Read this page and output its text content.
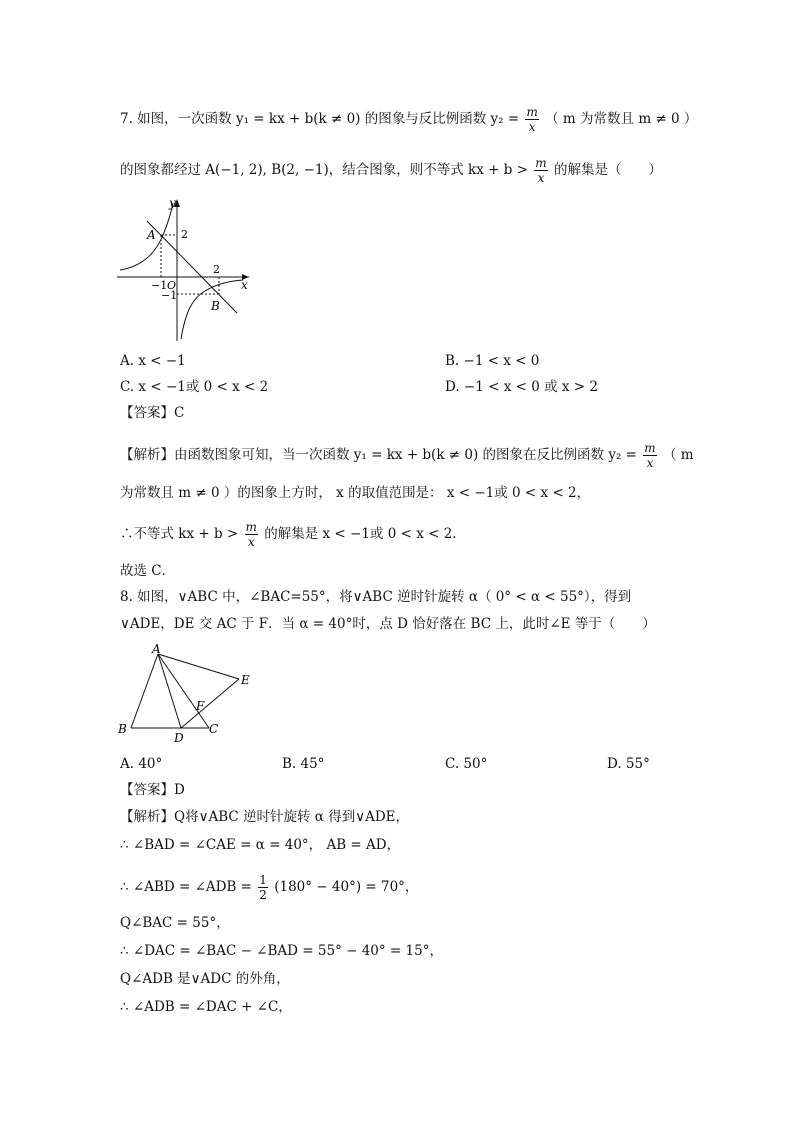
7. 如图，一次函数 y₁ = kx + b(k ≠ 0) 的图象与反比例函数 $y_2 = \frac{m}{x}$ （ m 为常数且 m ≠ 0 ）
的图象都经过 A(−1, 2), B(2, −1)，结合图象，则不等式 kx + $b > \frac{m}{x}$ 的解集是（　　）
y
x
A
B
O
2
−1
2
−1
A. x < −1	B. −1 < x < 0
C. x < −1或 0 < x < 2	D. −1 < x < 0 或 x > 2
【答案】C
【解析】由函数图象可知，当一次函数 y₁ = kx + b(k ≠ 0) 的图象在反比例函数 $y_2 = \frac{m}{x}$ （ m
为常数且 m ≠ 0 ）的图象上方时， x 的取值范围是： x < −1或 0 < x < 2，
∴不等式 kx + $b > \frac{m}{x}$ 的解集是 x < −1或 0 < x < 2.
故选 C．
8. 如图，∨ABC 中，∠BAC=55°，将∨ABC 逆时针旋转 α（ 0° < α < 55°），得到
∨ADE，DE 交 AC 于 F．当 α = 40°时，点 D 恰好落在 BC 上，此时∠E 等于（　　）
A
B	C
D
E
F
A. 40°	B. 45°	C. 50°	D. 55°
【答案】D
【解析】Q将∨ABC 逆时针旋转 α 得到∨ADE，
∴ ∠BAD = ∠CAE = α = 40°， AB = AD，
∴ ∠ABD = ∠ADB = $\frac{1}{2} (180^\circ - 40^\circ) = 70^\circ$，
Q∠BAC = 55°，
∴ ∠DAC = ∠BAC − ∠BAD = 55° − 40° = 15°，
Q∠ADB 是∨ADC 的外角，
∴ ∠ADB = ∠DAC + ∠C，
